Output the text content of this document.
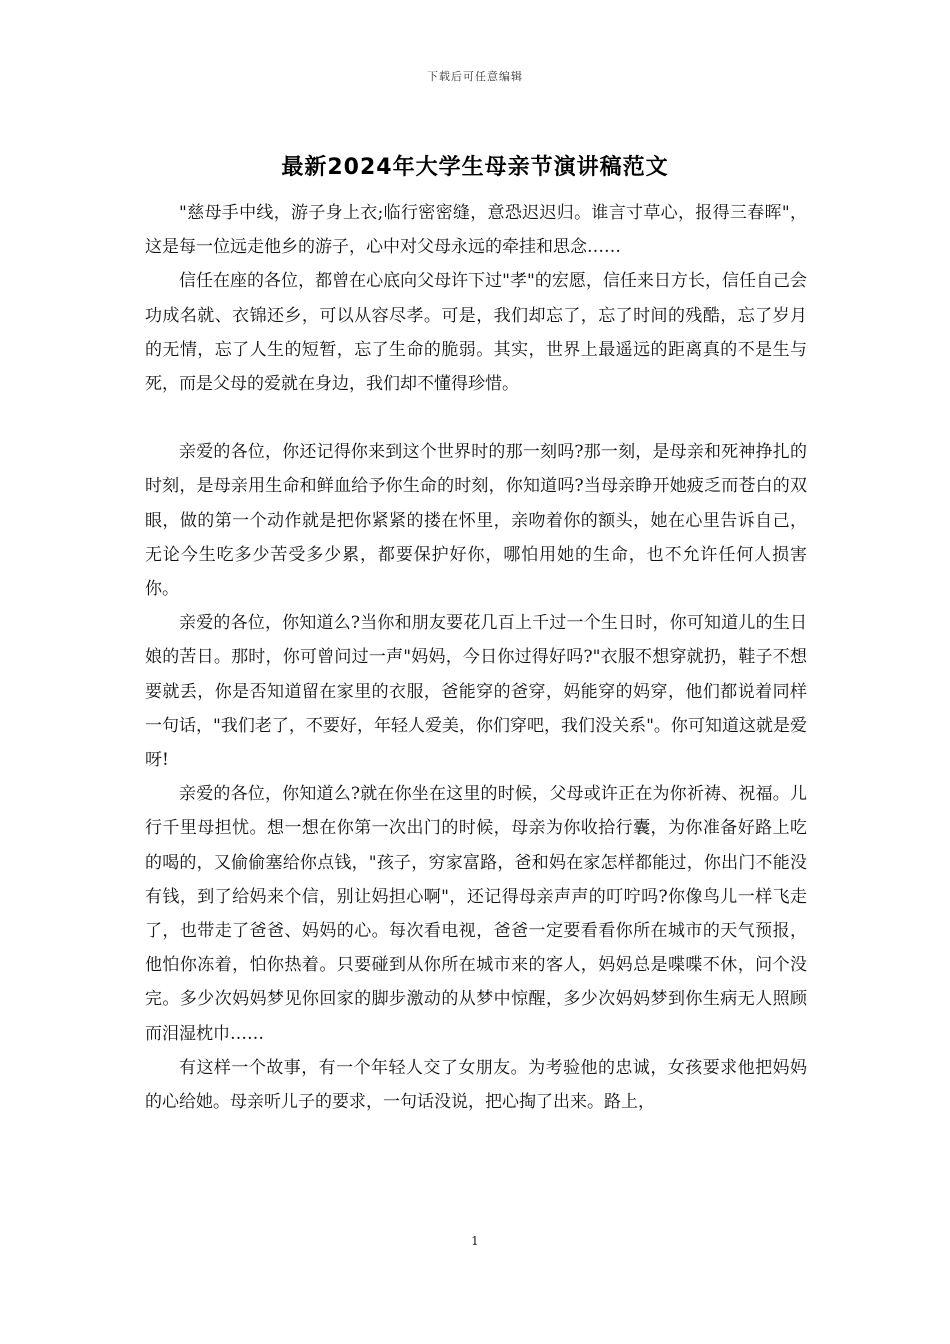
下载后可任意编辑
最新2024年大学生母亲节演讲稿范文

"慈母手中线，游子身上衣;临行密密缝，意恐迟迟归。谁言寸草心，报得三春晖"，这是每一位远走他乡的游子，心中对父母永远的牵挂和思念……

信任在座的各位，都曾在心底向父母许下过"孝"的宏愿，信任来日方长，信任自己会功成名就、衣锦还乡，可以从容尽孝。可是，我们却忘了，忘了时间的残酷，忘了岁月的无情，忘了人生的短暂，忘了生命的脆弱。其实，世界上最遥远的距离真的不是生与死，而是父母的爱就在身边，我们却不懂得珍惜。

亲爱的各位，你还记得你来到这个世界时的那一刻吗?那一刻，是母亲和死神挣扎的时刻，是母亲用生命和鲜血给予你生命的时刻，你知道吗?当母亲睁开她疲乏而苍白的双眼，做的第一个动作就是把你紧紧的搂在怀里，亲吻着你的额头，她在心里告诉自己，无论今生吃多少苦受多少累，都要保护好你，哪怕用她的生命，也不允许任何人损害你。

亲爱的各位，你知道么?当你和朋友要花几百上千过一个生日时，你可知道儿的生日娘的苦日。那时，你可曾问过一声"妈妈，今日你过得好吗?"衣服不想穿就扔，鞋子不想要就丢，你是否知道留在家里的衣服，爸能穿的爸穿，妈能穿的妈穿，他们都说着同样一句话，"我们老了，不要好，年轻人爱美，你们穿吧，我们没关系"。你可知道这就是爱呀!

亲爱的各位，你知道么?就在你坐在这里的时候，父母或许正在为你祈祷、祝福。儿行千里母担忧。想一想在你第一次出门的时候，母亲为你收拾行囊，为你准备好路上吃的喝的，又偷偷塞给你点钱，"孩子，穷家富路，爸和妈在家怎样都能过，你出门不能没有钱，到了给妈来个信，别让妈担心啊"，还记得母亲声声的叮咛吗?你像鸟儿一样飞走了，也带走了爸爸、妈妈的心。每次看电视，爸爸一定要看看你所在城市的天气预报，他怕你冻着，怕你热着。只要碰到从你所在城市来的客人，妈妈总是喋喋不休，问个没完。多少次妈妈梦见你回家的脚步激动的从梦中惊醒，多少次妈妈梦到你生病无人照顾而泪湿枕巾……

有这样一个故事，有一个年轻人交了女朋友。为考验他的忠诚，女孩要求他把妈妈的心给她。母亲听儿子的要求，一句话没说，把心掏了出来。路上，

1
